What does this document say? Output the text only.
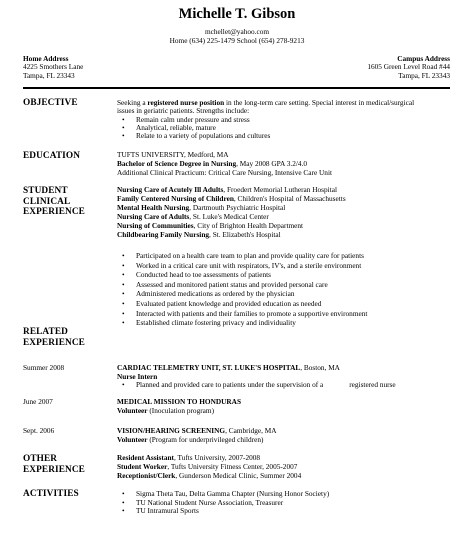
Michelle T. Gibson
mchellet@yahoo.com
Home (634) 225-1479 School (654) 278-9213
Home Address
4225 Smothers Lane
Tampa, FL 23343
Campus Address
1605 Green Level Road #44
Tampa, FL 23343
OBJECTIVE	Seeking a registered nurse position in the long-term care setting. Special interest in medical/surgical
issues in geriatric patients. Strengths include:
• Remain calm under pressure and stress
• Analytical, reliable, mature
• Relate to a variety of populations and cultures
EDUCATION	TUFTS UNIVERSITY, Medford, MA
Bachelor of Science Degree in Nursing, May 2008 GPA 3.2/4.0
Additional Clinical Practicum: Critical Care Nursing, Intensive Care Unit
STUDENT
CLINICAL
EXPERIENCE
Nursing Care of Acutely Ill Adults, Froedert Memorial Lutheran Hospital
Family Centered Nursing of Children, Children's Hospital of Massachusetts
Mental Health Nursing, Dartmouth Psychiatric Hospital
Nursing Care of Adults, St. Luke's Medical Center
Nursing of Communities, City of Brighton Health Department
Childbearing Family Nursing, St. Elizabeth's Hospital
• Participated on a health care team to plan and provide quality care for patients
• Worked in a critical care unit with respirators, IV's, and a sterile environment
• Conducted head to toe assessments of patients
• Assessed and monitored patient status and provided personal care
• Administered medications as ordered by the physician
• Evaluated patient knowledge and provided education as needed
• Interacted with patients and their families to promote a supportive environment
• Established climate fostering privacy and individuality
RELATED
EXPERIENCE
Summer 2008	CARDIAC TELEMETRY UNIT, ST. LUKE'S HOSPITAL, Boston, MA
Nurse Intern
• Planned and provided care to patients under the supervision of a	registered nurse
June 2007	MEDICAL MISSION TO HONDURAS
Volunteer (Inoculation program)
Sept. 2006	VISION/HEARING SCREENING, Cambridge, MA
Volunteer (Program for underprivileged children)
OTHER
EXPERIENCE
Resident Assistant, Tufts University, 2007-2008
Student Worker, Tufts University Fitness Center, 2005-2007
Receptionist/Clerk, Gunderson Medical Clinic, Summer 2004
ACTIVITIES
•	Sigma Theta Tau, Delta Gamma Chapter (Nursing Honor Society)
• TU National Student Nurse Association, Treasurer
• TU Intramural Sports
